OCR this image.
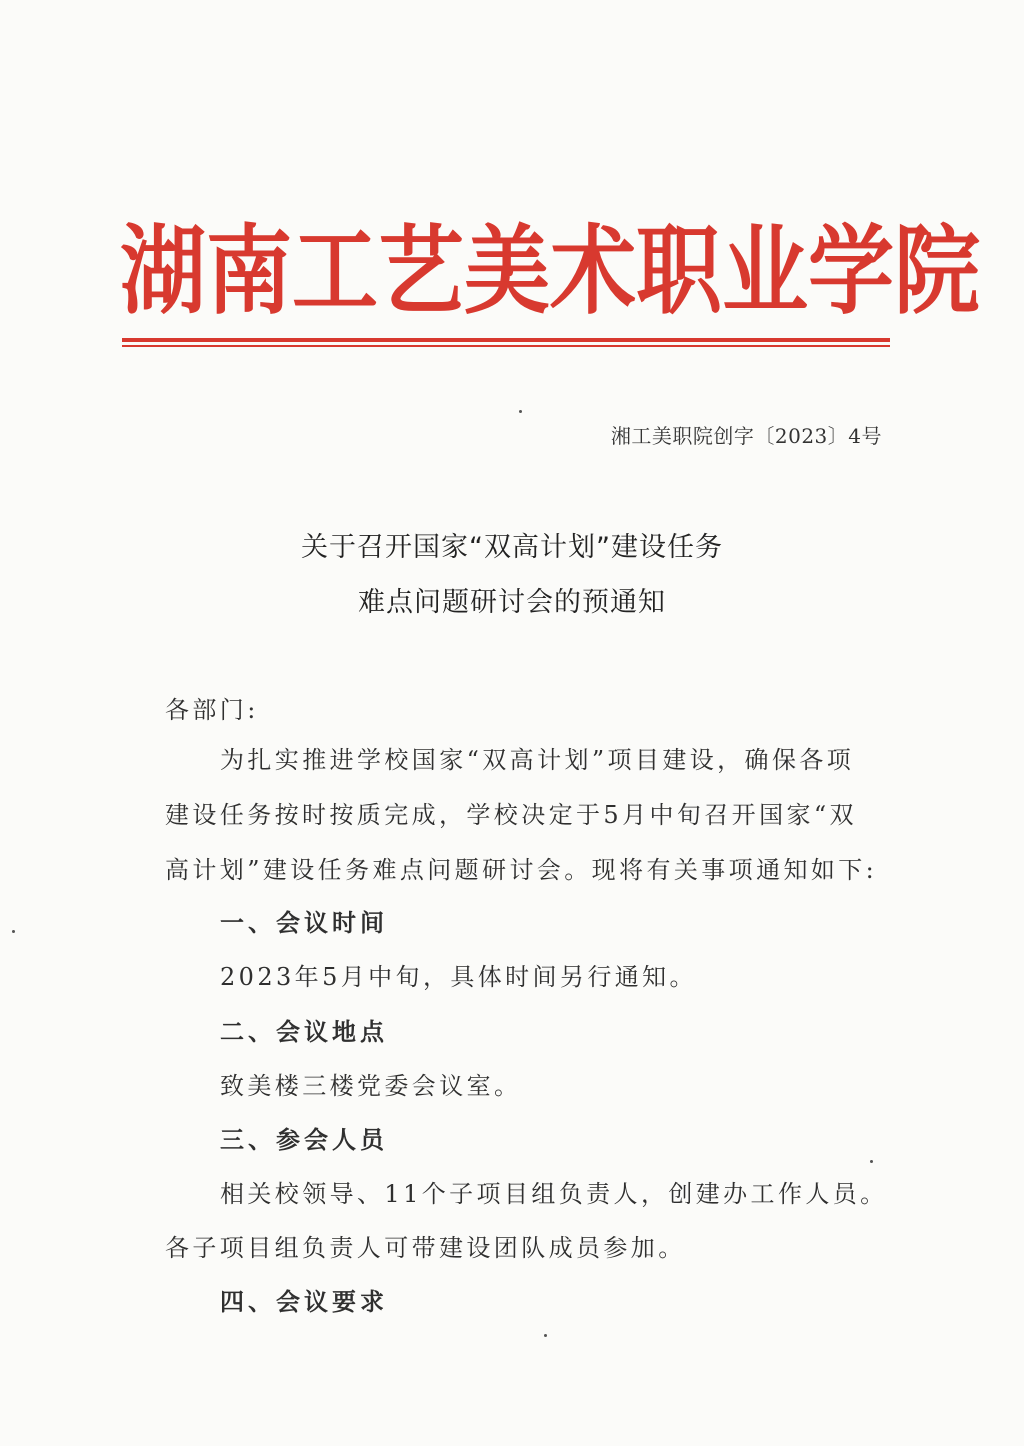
湖 南 工 艺 美 术 职 业 学 院
湘工美职院创字〔2023〕4号
关于召开国家“双高计划”建设任务
难点问题研讨会的预通知
各部门:
为扎实推进学校国家“双高计划”项目建设，确保各项
建设任务按时按质完成，学校决定于5月中旬召开国家“双
高计划”建设任务难点问题研讨会。现将有关事项通知如下:
一、会议时间
2023年5月中旬，具体时间另行通知。
二、会议地点
致美楼三楼党委会议室。
三、参会人员
相关校领导、11个子项目组负责人，创建办工作人员。
各子项目组负责人可带建设团队成员参加。
四、会议要求
